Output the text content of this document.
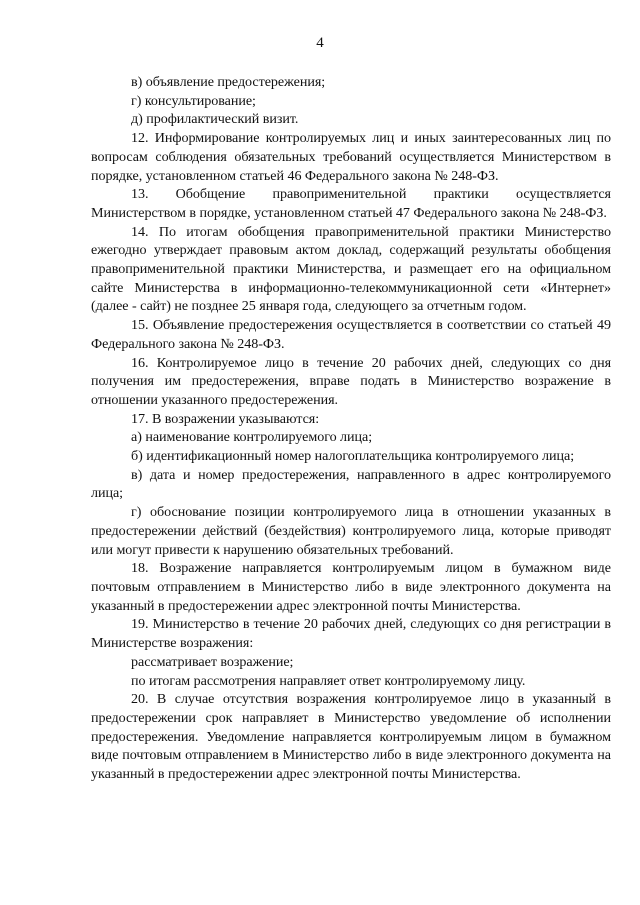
4

в) объявление предостережения;

г) консультирование;

д) профилактический визит.

12. Информирование контролируемых лиц и иных заинтересованных лиц по вопросам соблюдения обязательных требований осуществляется Министерством в порядке, установленном статьей 46 Федерального закона № 248-ФЗ.

13. Обобщение правоприменительной практики осуществляется Министерством в порядке, установленном статьей 47 Федерального закона № 248-ФЗ.

14. По итогам обобщения правоприменительной практики Министерство ежегодно утверждает правовым актом доклад, содержащий результаты обобщения правоприменительной практики Министерства, и размещает его на официальном сайте Министерства в информационно-телекоммуникационной сети «Интернет» (далее - сайт) не позднее 25 января года, следующего за отчетным годом.

15. Объявление предостережения осуществляется в соответствии со статьей 49 Федерального закона № 248-ФЗ.

16. Контролируемое лицо в течение 20 рабочих дней, следующих со дня получения им предостережения, вправе подать в Министерство возражение в отношении указанного предостережения.

17. В возражении указываются:

а) наименование контролируемого лица;

б) идентификационный номер налогоплательщика контролируемого лица;

в) дата и номер предостережения, направленного в адрес контролируемого лица;

г) обоснование позиции контролируемого лица в отношении указанных в предостережении действий (бездействия) контролируемого лица, которые приводят или могут привести к нарушению обязательных требований.

18. Возражение направляется контролируемым лицом в бумажном виде почтовым отправлением в Министерство либо в виде электронного документа на указанный в предостережении адрес электронной почты Министерства.

19. Министерство в течение 20 рабочих дней, следующих со дня регистрации в Министерстве возражения:

рассматривает возражение;

по итогам рассмотрения направляет ответ контролируемому лицу.

20. В случае отсутствия возражения контролируемое лицо в указанный в предостережении срок направляет в Министерство уведомление об исполнении предостережения. Уведомление направляется контролируемым лицом в бумажном виде почтовым отправлением в Министерство либо в виде электронного документа на указанный в предостережении адрес электронной почты Министерства.
